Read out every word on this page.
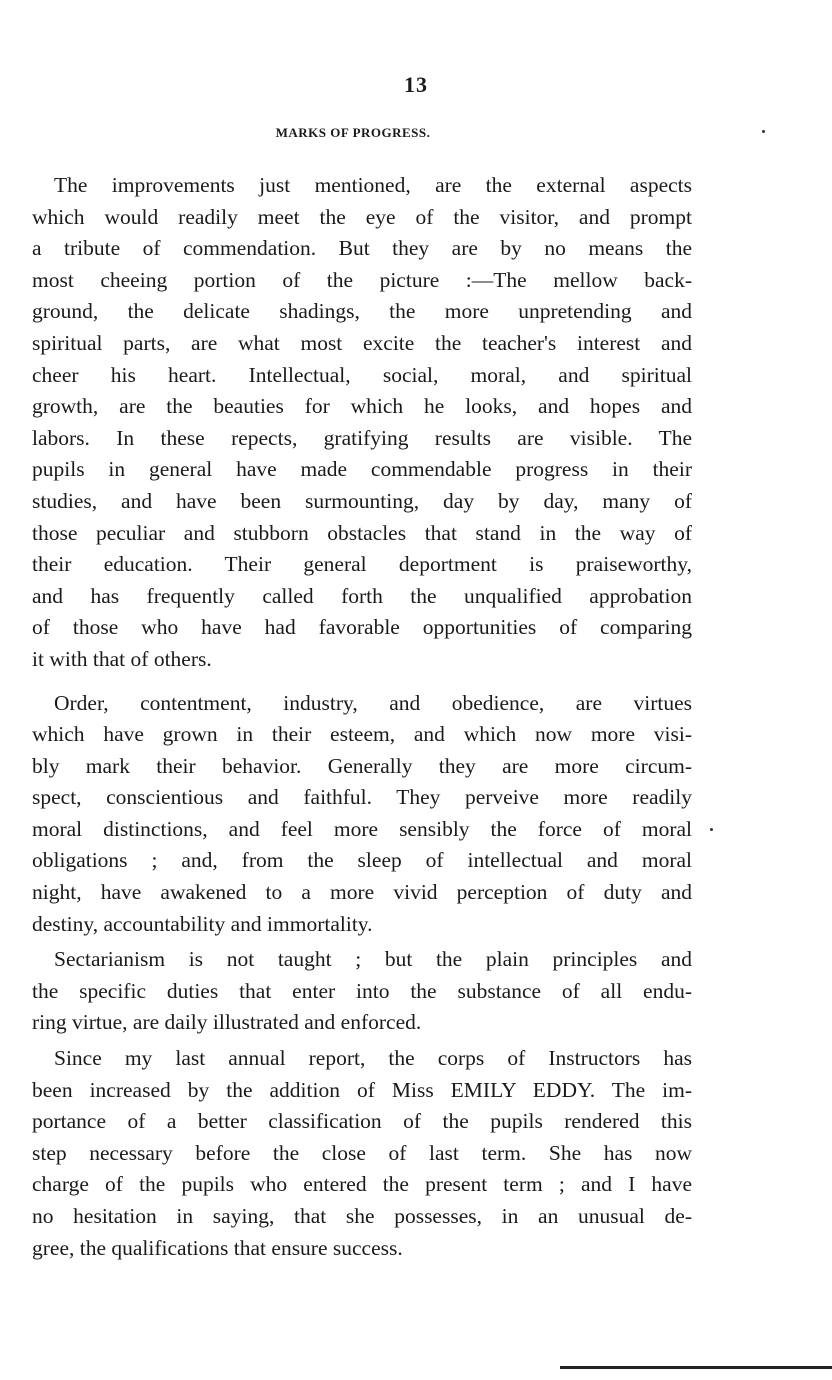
13
MARKS OF PROGRESS.
The improvements just mentioned, are the external aspects
which would readily meet the eye of the visitor, and prompt
a tribute of commendation. But they are by no means the
most cheeing portion of the picture :—The mellow back-
ground, the delicate shadings, the more unpretending and
spiritual parts, are what most excite the teacher's interest and
cheer his heart. Intellectual, social, moral, and spiritual
growth, are the beauties for which he looks, and hopes and
labors. In these repects, gratifying results are visible. The
pupils in general have made commendable progress in their
studies, and have been surmounting, day by day, many of
those peculiar and stubborn obstacles that stand in the way of
their education. Their general deportment is praiseworthy,
and has frequently called forth the unqualified approbation
of those who have had favorable opportunities of comparing
it with that of others.
Order, contentment, industry, and obedience, are virtues
which have grown in their esteem, and which now more visi-
bly mark their behavior. Generally they are more circum-
spect, conscientious and faithful. They perveive more readily
moral distinctions, and feel more sensibly the force of moral
obligations ; and, from the sleep of intellectual and moral
night, have awakened to a more vivid perception of duty and
destiny, accountability and immortality.
Sectarianism is not taught ; but the plain principles and
the specific duties that enter into the substance of all endu-
ring virtue, are daily illustrated and enforced.
Since my last annual report, the corps of Instructors has
been increased by the addition of Miss EMILY EDDY. The im-
portance of a better classification of the pupils rendered this
step necessary before the close of last term. She has now
charge of the pupils who entered the present term ; and I have
no hesitation in saying, that she possesses, in an unusual de-
gree, the qualifications that ensure success.
